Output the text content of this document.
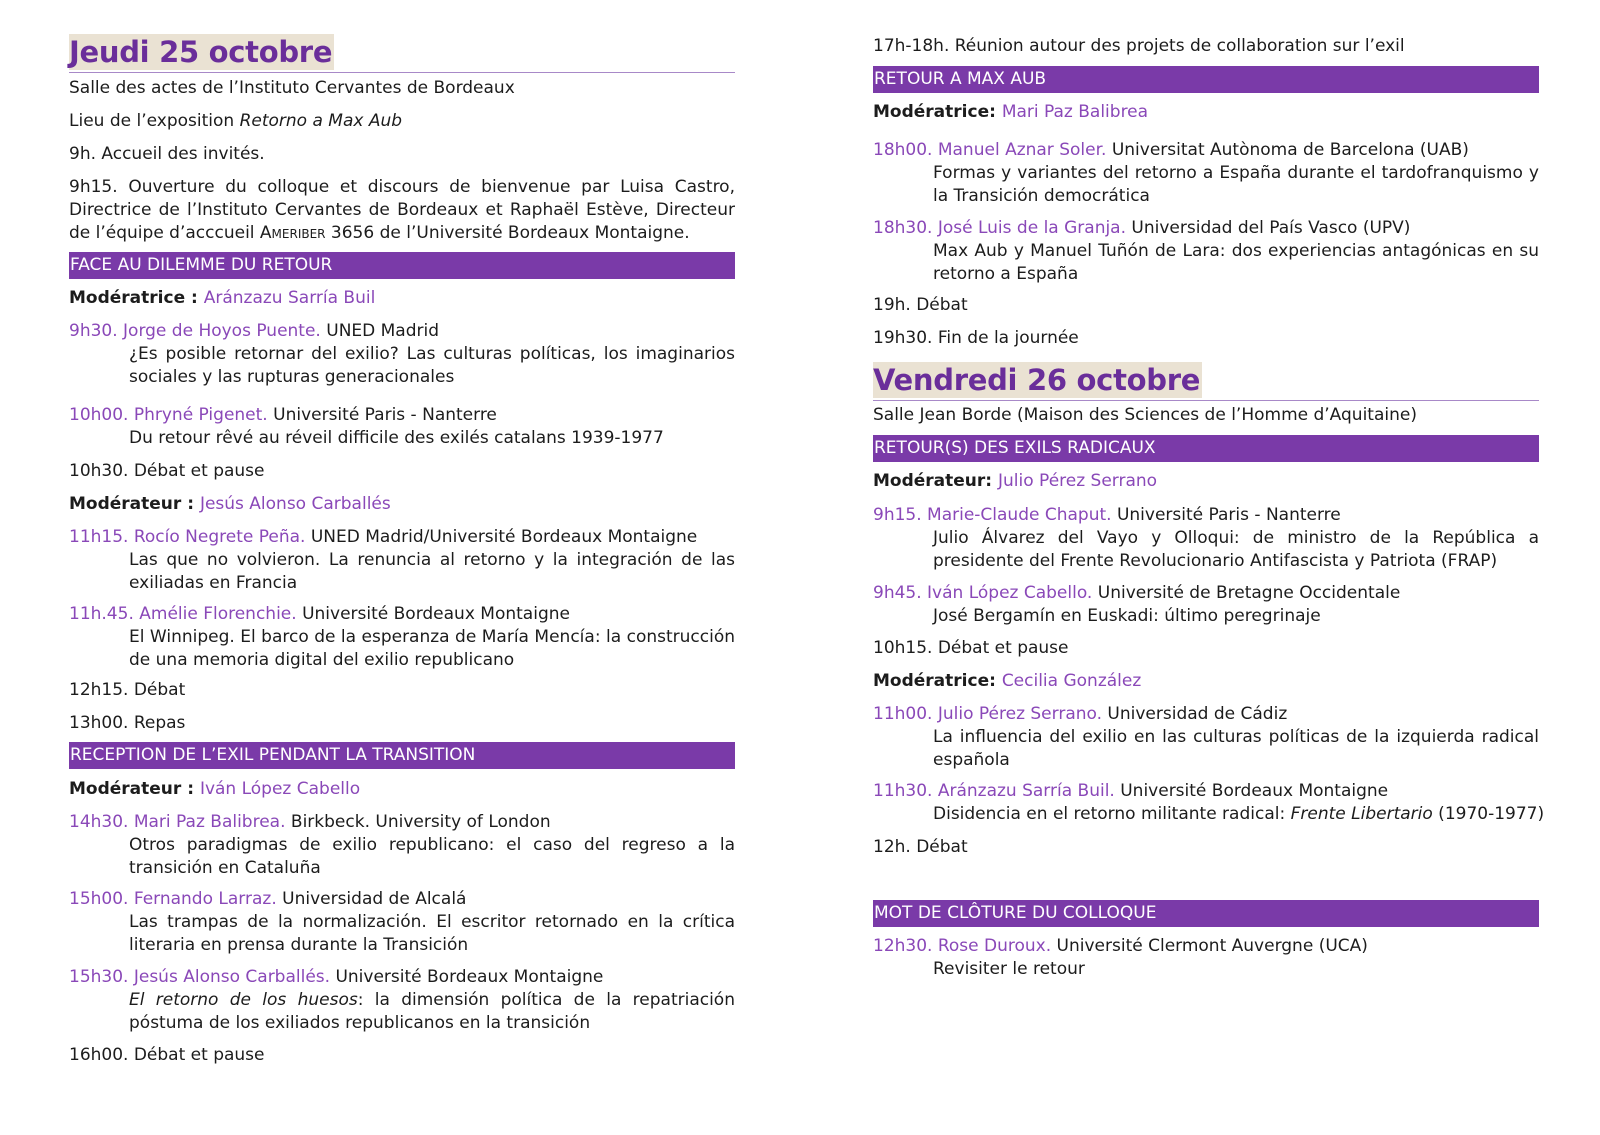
Jeudi 25 octobre
Salle des actes de l’Instituto Cervantes de Bordeaux
Lieu de l’exposition Retorno a Max Aub
9h. Accueil des invités.
9h15. Ouverture du colloque et discours de bienvenue par Luisa Castro, Directrice de l’Instituto Cervantes de Bordeaux et Raphaël Estève, Directeur de l’équipe d’acccueil Ameriber 3656 de l’Université Bordeaux Montaigne.
FACE AU DILEMME DU RETOUR
Modératrice : Aránzazu Sarría Buil
9h30. Jorge de Hoyos Puente. UNED Madrid
¿Es posible retornar del exilio? Las culturas políticas, los imaginarios sociales y las rupturas generacionales
10h00. Phryné Pigenet. Université Paris - Nanterre
Du retour rêvé au réveil difficile des exilés catalans 1939-1977
10h30. Débat et pause
Modérateur : Jesús Alonso Carballés
11h15. Rocío Negrete Peña. UNED Madrid/Université Bordeaux Montaigne
Las que no volvieron. La renuncia al retorno y la integración de las exiliadas en Francia
11h.45. Amélie Florenchie. Université Bordeaux Montaigne
El Winnipeg. El barco de la esperanza de María Mencía: la construcción de una memoria digital del exilio republicano
12h15. Débat
13h00. Repas
RECEPTION DE L’EXIL PENDANT LA TRANSITION
Modérateur : Iván López Cabello
14h30. Mari Paz Balibrea. Birkbeck. University of London
Otros paradigmas de exilio republicano: el caso del regreso a la transición en Cataluña
15h00. Fernando Larraz. Universidad de Alcalá
Las trampas de la normalización. El escritor retornado en la crítica literaria en prensa durante la Transición
15h30. Jesús Alonso Carballés. Université Bordeaux Montaigne
El retorno de los huesos: la dimensión política de la repatriación póstuma de los exiliados republicanos en la transición
16h00. Débat et pause
17h-18h. Réunion autour des projets de collaboration sur l’exil
RETOUR A MAX AUB
Modératrice: Mari Paz Balibrea
18h00. Manuel Aznar Soler. Universitat Autònoma de Barcelona (UAB)
Formas y variantes del retorno a España durante el tardofranquismo y la Transición democrática
18h30. José Luis de la Granja. Universidad del País Vasco (UPV)
Max Aub y Manuel Tuñón de Lara: dos experiencias antagónicas en su retorno a España
19h. Débat
19h30. Fin de la journée
Vendredi 26 octobre
Salle Jean Borde (Maison des Sciences de l’Homme d’Aquitaine)
RETOUR(S) DES EXILS RADICAUX
Modérateur: Julio Pérez Serrano
9h15. Marie-Claude Chaput. Université Paris - Nanterre
Julio Álvarez del Vayo y Olloqui: de ministro de la República a presidente del Frente Revolucionario Antifascista y Patriota (FRAP)
9h45. Iván López Cabello. Université de Bretagne Occidentale
José Bergamín en Euskadi: último peregrinaje
10h15. Débat et pause
Modératrice: Cecilia González
11h00. Julio Pérez Serrano. Universidad de Cádiz
La influencia del exilio en las culturas políticas de la izquierda radical española
11h30. Aránzazu Sarría Buil. Université Bordeaux Montaigne
Disidencia en el retorno militante radical: Frente Libertario (1970-1977)
12h. Débat
MOT DE CLÔTURE DU COLLOQUE
12h30. Rose Duroux. Université Clermont Auvergne (UCA)
Revisiter le retour
